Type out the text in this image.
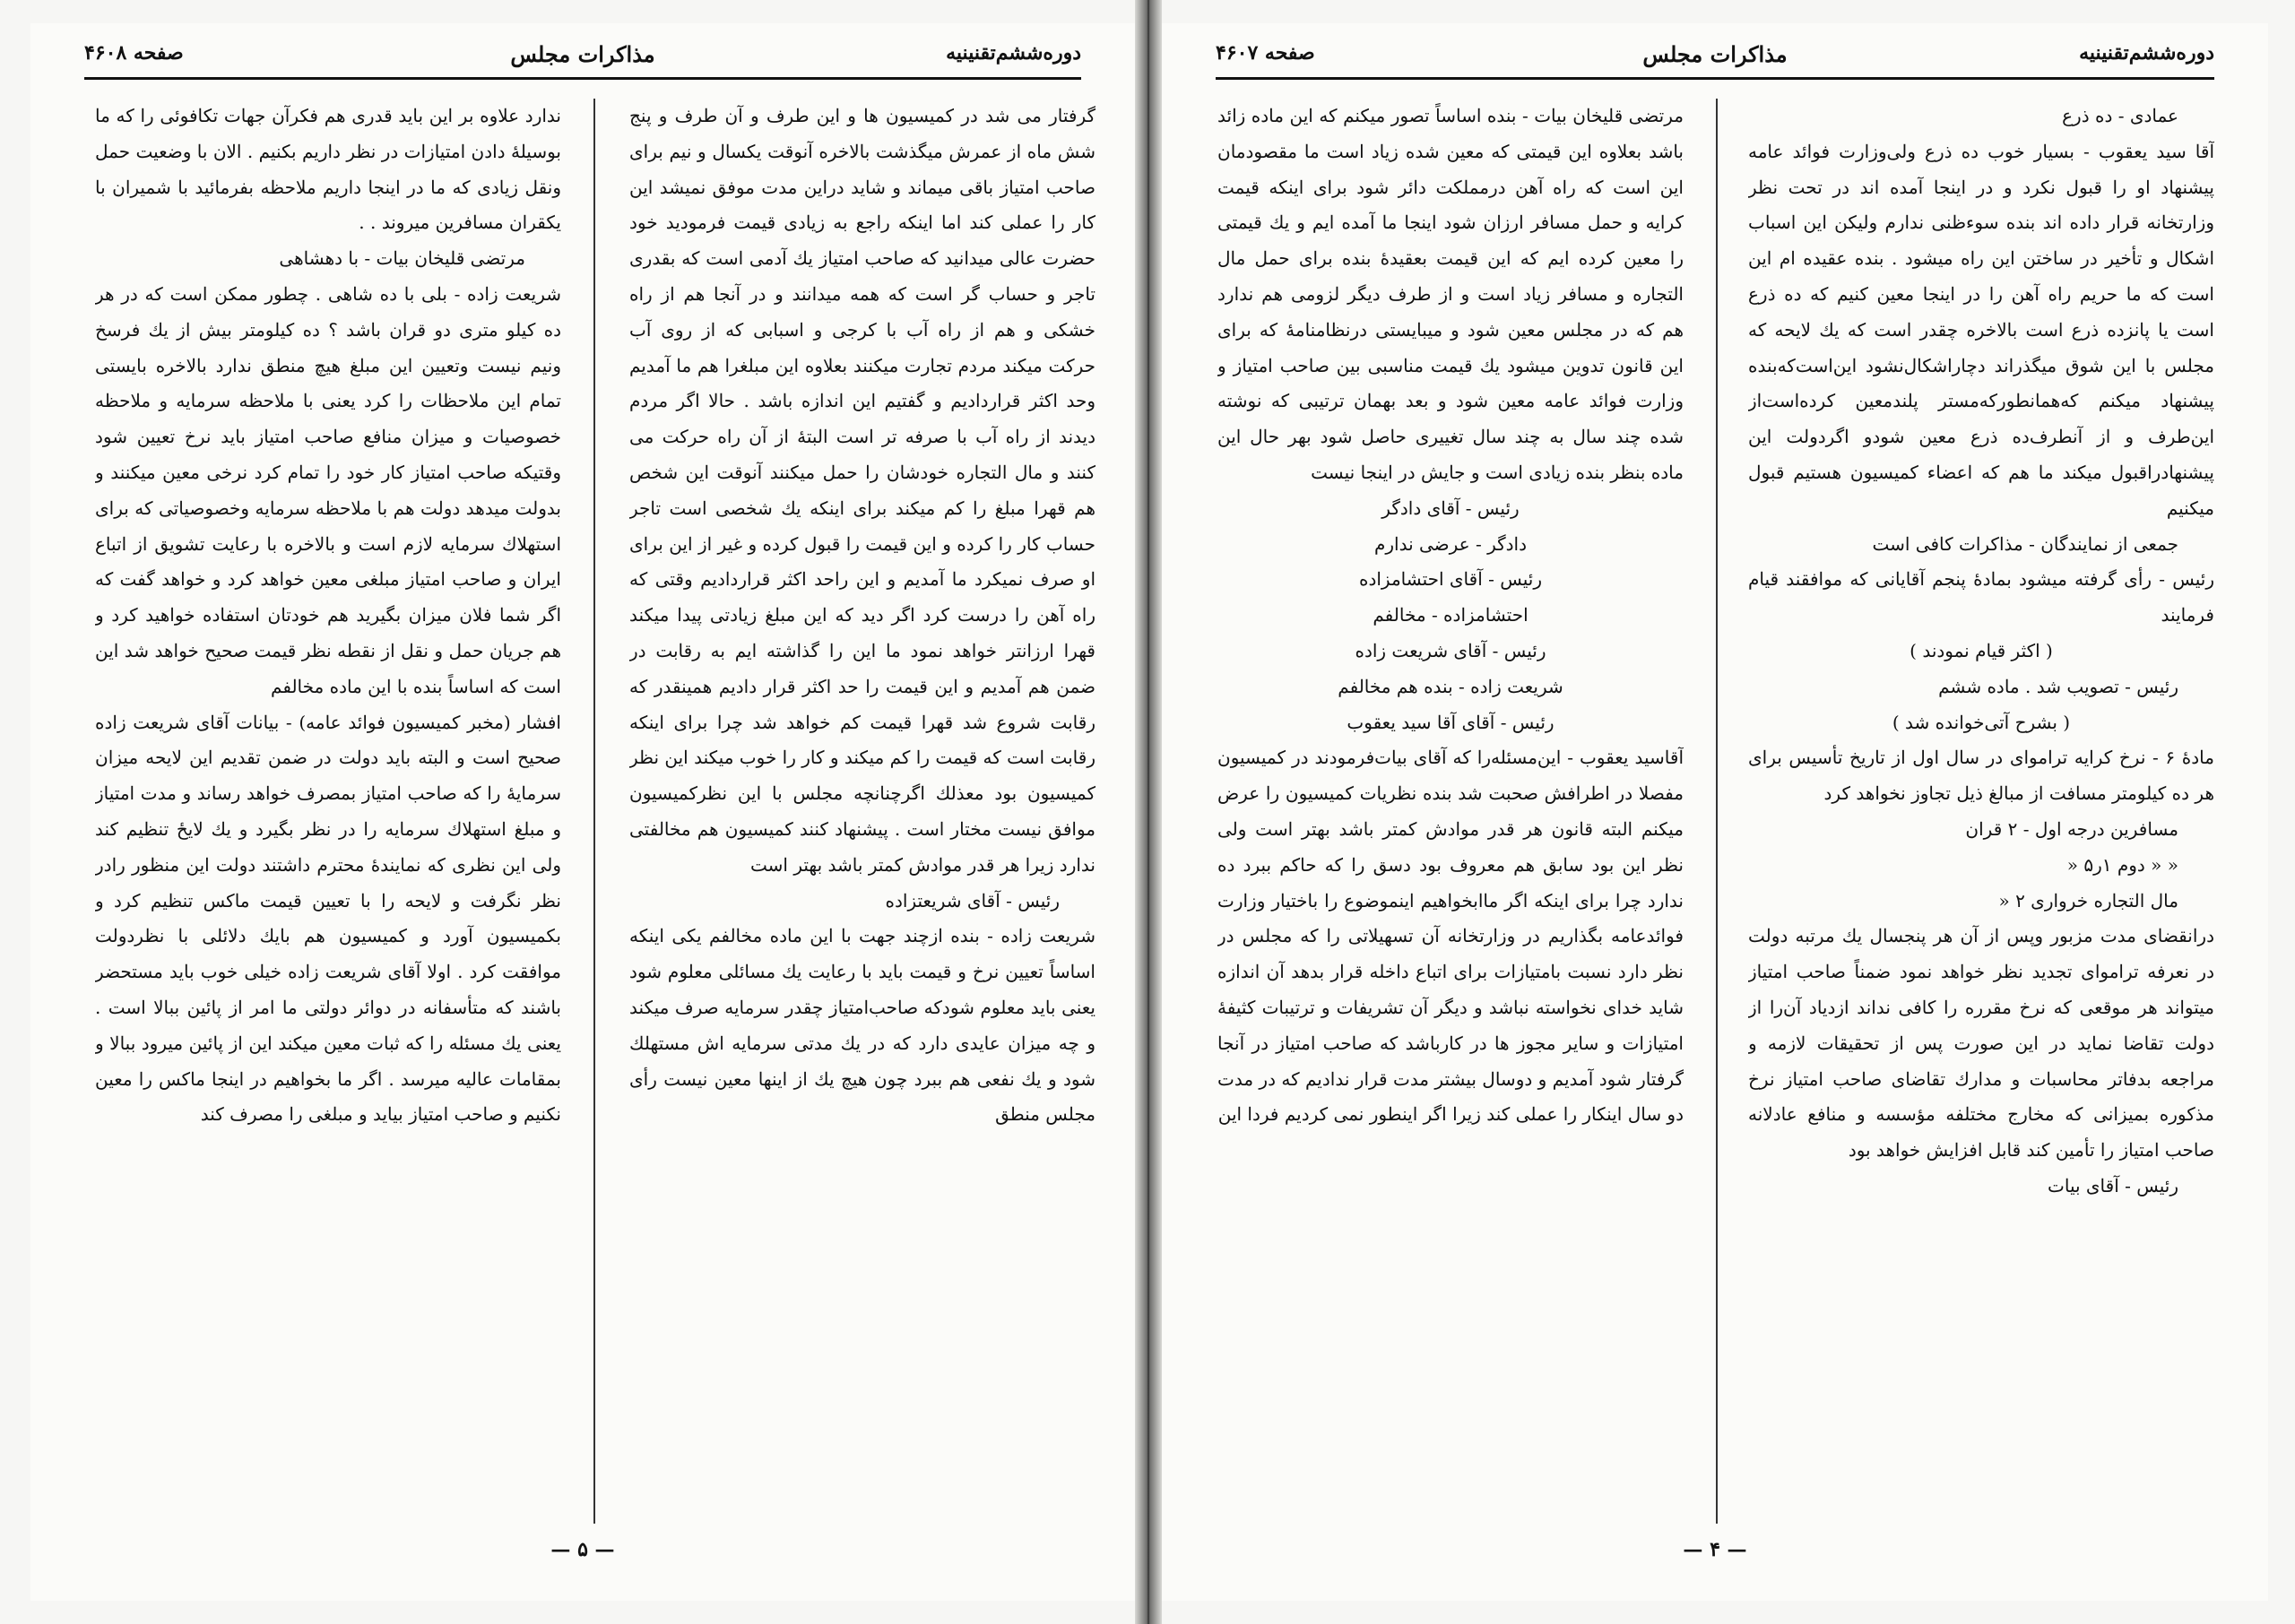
دوره‌ششم‌تقنینیه
مذاکرات مجلس
صفحه ۴۶۰۸

گرفتار می شد در کمیسیون ها و این طرف و آن طرف و پنج شش ماه از عمرش میگذشت بالاخره آنوقت یکسال و نیم برای صاحب امتیاز باقی میماند و شاید دراین مدت موفق نمیشد این کار را عملی کند اما اینکه راجع به زیادی قیمت فرمودید خود حضرت عالی میدانید که صاحب امتیاز یك آدمی است که بقدری تاجر و حساب گر است که همه میدانند و در آنجا هم از راه خشکی و هم از راه آب با کرجی و اسبابی که از روی آب حرکت میکند مردم تجارت میکنند بعلاوه این مبلغرا هم ما آمدیم وحد اکثر قراردادیم و گفتیم این اندازه باشد . حالا اگر مردم دیدند از راه آب با صرفه تر است البتهٔ از آن راه حرکت می کنند و مال التجاره خودشان را حمل میکنند آنوقت این شخص هم قهرا مبلغ را کم میکند برای اینکه یك شخصی است تاجر حساب کار را کرده و این قیمت را قبول کرده و غیر از این برای او صرف نمیکرد ما آمدیم و این راحد اکثر قراردادیم وقتی که راه آهن را درست کرد اگر دید که این مبلغ زیادتی پیدا میکند قهرا ارزانتر خواهد نمود ما این را گذاشته ایم به رقابت در ضمن هم آمدیم و این قیمت را حد اکثر قرار دادیم همینقدر که رقابت شروع شد قهرا قیمت کم خواهد شد چرا برای اینکه رقابت است که قیمت را کم میکند و کار را خوب میکند این نظر کمیسیون بود معذلك اگرچنانچه مجلس با این نظرکمیسیون موافق نیست مختار است . پیشنهاد کنند کمیسیون هم مخالفتی ندارد زیرا هر قدر موادش کمتر باشد بهتر است

رئیس - آقای شریعتزاده

شریعت زاده - بنده ازچند جهت با این ماده مخالفم یکی اینکه اساساً تعیین نرخ و قیمت باید با رعایت یك مسائلی معلوم شود یعنی باید معلوم شودکه صاحب‌امتیاز چقدر سرمایه صرف میکند و چه میزان عایدی دارد که در یك مدتی سرمایه اش مستهلك شود و یك نفعی هم ببرد چون هیچ یك از اینها معین نیست رأی مجلس منطق

ندارد علاوه بر این باید قدری هم فکرآن جهات تکافوئی را که ما بوسیلهٔ دادن امتیازات در نظر داریم بکنیم . الان با وضعیت حمل ونقل زیادی که ما در اینجا داریم ملاحظه بفرمائید با شمیران با یکقران مسافرین میروند . .

مرتضی قلیخان بیات - با دهشاهی

شریعت زاده - بلی با ده شاهی . چطور ممکن است که در هر ده کیلو متری دو قران باشد ؟ ده کیلومتر بیش از یك فرسخ ونیم نیست وتعیین این مبلغ هیچ منطق ندارد بالاخره بایستی تمام این ملاحظات را کرد یعنی با ملاحظه سرمایه و ملاحظه خصوصیات و میزان منافع صاحب امتیاز باید نرخ تعیین شود وقتیکه صاحب امتیاز کار خود را تمام کرد نرخی معین میکنند و بدولت میدهد دولت هم با ملاحظه سرمایه وخصوصیاتی که برای استهلاك سرمایه لازم است و بالاخره با رعایت تشویق از اتباع ایران و صاحب امتیاز مبلغی معین خواهد کرد و خواهد گفت که اگر شما فلان میزان بگیرید هم خودتان استفاده خواهید کرد و هم جریان حمل و نقل از نقطه نظر قیمت صحیح خواهد شد این است که اساساً بنده با این ماده مخالفم

افشار (مخبر کمیسیون فوائد عامه) - بیانات آقای شریعت زاده صحیح است و البته باید دولت در ضمن تقدیم این لایحه میزان سرمایهٔ را که صاحب امتیاز بمصرف خواهد رساند و مدت امتیاز و مبلغ استهلاك سرمایه را در نظر بگیرد و یك لایحٔ تنظیم کند ولی این نظری که نمایندهٔ محترم داشتند دولت این منظور رادر نظر نگرفت و لایحه را با تعیین قیمت ماکس تنظیم کرد و بکمیسیون آورد و کمیسیون هم بایك دلائلی با نظردولت موافقت کرد . اولا آقای شریعت زاده خیلی خوب باید مستحضر باشند که متأسفانه در دوائر دولتی ما امر از پائین ببالا است . یعنی یك مسئله را که ثبات معین میکند این از پائین میرود ببالا و بمقامات عالیه میرسد . اگر ما بخواهیم در اینجا ماکس را معین نکنیم و صاحب امتیاز بیاید و مبلغی را مصرف کند

— ۵ —
دوره‌ششم‌تقنینیه
مذاکرات مجلس
صفحه ۴۶۰۷

عمادی - ده ذرع

آقا سید یعقوب - بسیار خوب ده ذرع ولی‌وزارت فوائد عامه پیشنهاد او را قبول نکرد و در اینجا آمده اند در تحت نظر وزارتخانه قرار داده اند بنده سوءظنی ندارم ولیکن این اسباب اشکال و تأخیر در ساختن این راه میشود . بنده عقیده ام این است که ما حریم راه آهن را در اینجا معین کنیم که ده ذرع است یا پانزده ذرع است بالاخره چقدر است که یك لایحه که مجلس با این شوق میگذراند دچاراشکال‌نشود این‌است‌که‌بنده پیشنهاد میکنم که‌همانطورکه‌مستر پلند‌معین کرده‌است‌از این‌طرف و از آنطرف‌ده ذرع معین شودو اگردولت این پیشنهاد‌را‌قبول میکند ما هم که اعضاء کمیسیون هستیم قبول میکنیم

جمعی از نمایندگان - مذاکرات کافی است

رئیس - رأی گرفته میشود بمادهٔ پنجم آقایانی که موافقند قیام فرمایند

( اکثر قیام نمودند )

رئیس - تصویب شد . ماده ششم

( بشرح آتی‌خوانده شد )

مادهٔ ۶ - نرخ کرایه ترامواى در سال اول از تاریخ تأسیس برای هر ده کیلومتر مسافت از مبالغ ذیل تجاوز نخواهد کرد

مسافرین درجه اول - ۲ قران

« « دوم ۱ر۵ «

مال التجاره خرواری ۲ «

درانقضای مدت مزبور وپس از آن هر پنجسال یك مرتبه دولت در نعرفه تراموای تجدید نظر خواهد نمود ضمناً صاحب امتیاز میتواند هر موقعی که نرخ مقرره را کافی نداند ازدیاد آن‌را از دولت تقاضا نماید در این صورت پس از تحقیقات لازمه و مراجعه بدفاتر محاسبات و مدارك تقاضای صاحب امتیاز نرخ مذکوره بمیزانی که مخارج مختلفه مؤسسه و منافع عادلانه صاحب امتیاز را تأمین کند قابل افزایش خواهد بود

رئیس - آقای بیات

مرتضی قلیخان بیات - بنده اساساً تصور میکنم که این ماده زائد باشد بعلاوه این قیمتی که معین شده زیاد است ما مقصودمان این است که راه آهن درمملکت دائر شود برای اینکه قیمت کرایه و حمل مسافر ارزان شود اینجا ما آمده ایم و یك قیمتی را معین کرده ایم که این قیمت بعقیدهٔ بنده برای حمل مال التجاره و مسافر زیاد است و از طرف دیگر لزومی هم ندارد هم که در مجلس معین شود و میبایستی درنظامنامهٔ که برای این قانون تدوین میشود یك قیمت مناسبی بین صاحب امتیاز و وزارت فوائد عامه معین شود و بعد بهمان ترتیبی که نوشته شده چند سال به چند سال تغییری حاصل شود بهر حال این ماده بنظر بنده زیادی است و جایش در اینجا نیست

رئیس - آقای دادگر

دادگر - عرضی ندارم

رئیس - آقای احتشامزاده

احتشامزاده - مخالفم

رئیس - آقای شریعت زاده

شریعت زاده - بنده هم مخالفم

رئیس - آقای آقا سید یعقوب

آقاسید یعقوب - این‌مسئله‌را که آقای بیات‌فرمودند در کمیسیون مفصلا در اطرافش صحبت شد بنده نظریات کمیسیون را عرض میکنم البته قانون هر قدر موادش کمتر باشد بهتر است ولی نظر این بود سابق هم معروف بود دسق را که حاکم ببرد ده ندارد چرا برای اینکه اگر ماابخواهیم اینموضوع را باختیار وزارت فوائدعامه بگذاریم در وزارتخانه آن تسهیلاتی را که مجلس در نظر دارد نسبت بامتیازات برای اتباع داخله قرار بدهد آن اندازه شاید خدای نخواسته نباشد و دیگر آن تشریفات و ترتیبات کثیفهٔ امتیازات و سایر مجوز ها در کارباشد که صاحب امتیاز در آنجا گرفتار شود آمدیم و دوسال بیشتر مدت قرار ندادیم که در مدت دو سال اینکار را عملی کند زیرا اگر اینطور نمی کردیم فردا این

— ۴ —
